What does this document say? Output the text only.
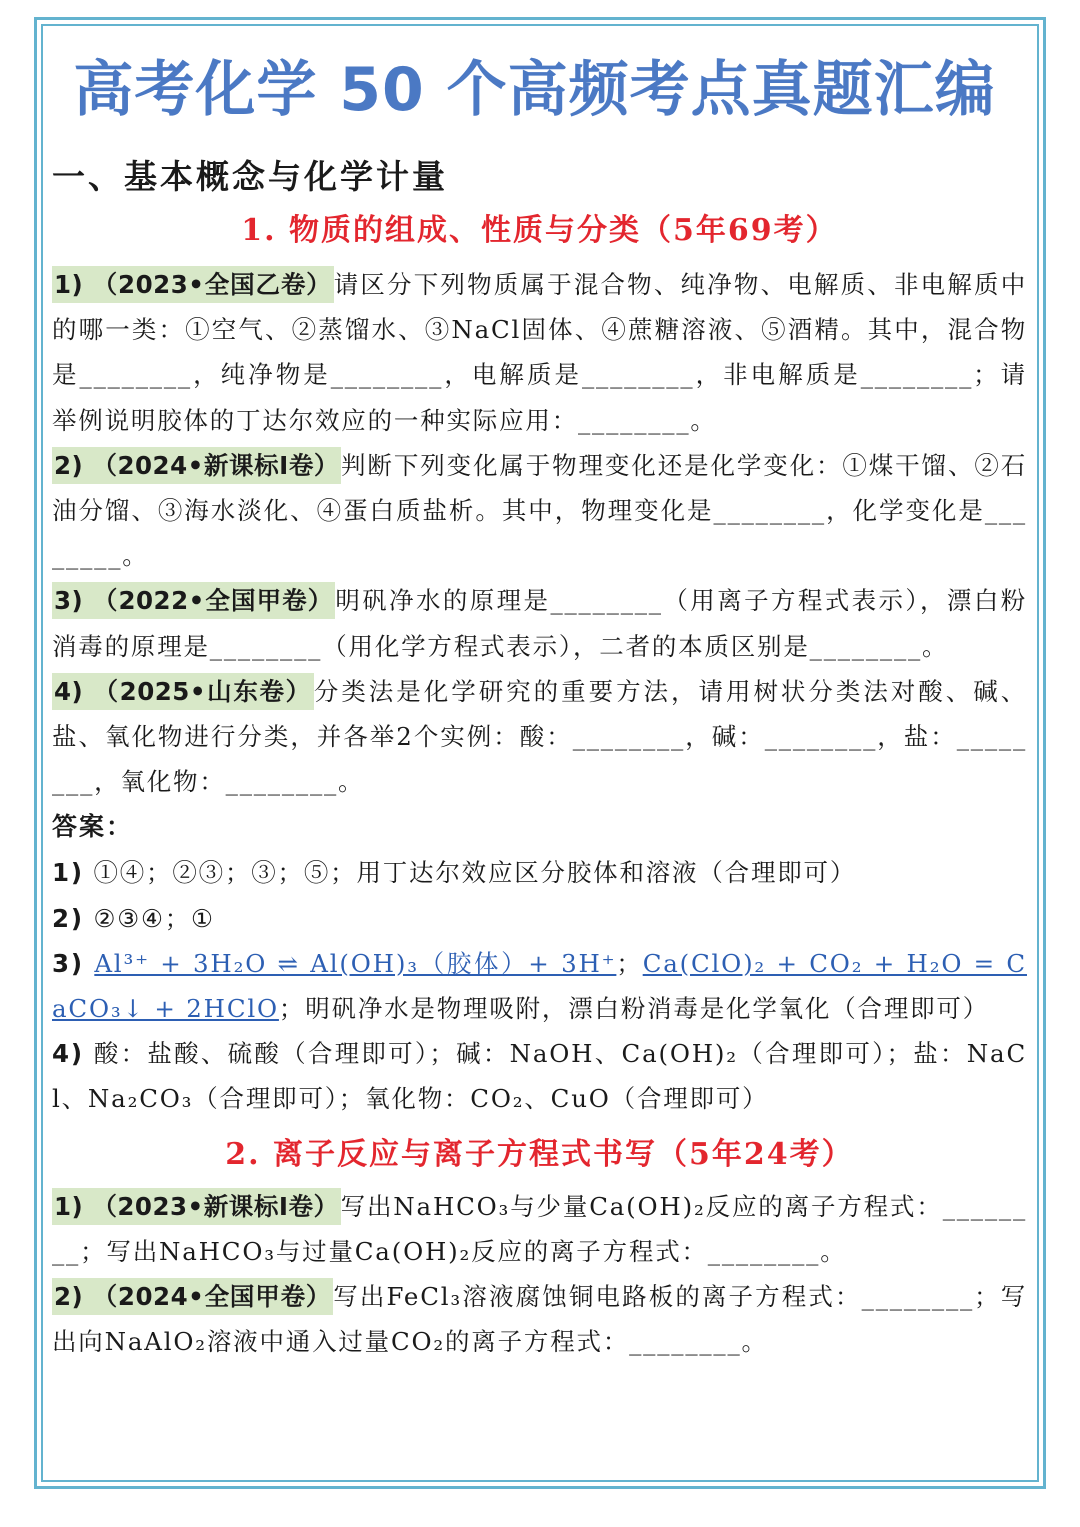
高考化学 50 个高频考点真题汇编
一、基本概念与化学计量
1. 物质的组成、性质与分类（5年69考）
1) （2023•全国乙卷）请区分下列物质属于混合物、纯净物、电解质、非电解质中的哪一类：①空气、②蒸馏水、③NaCl固体、④蔗糖溶液、⑤酒精。其中，混合物是________，纯净物是________，电解质是________，非电解质是________；请举例说明胶体的丁达尔效应的一种实际应用：________。
2) （2024•新课标Ⅰ卷）判断下列变化属于物理变化还是化学变化：①煤干馏、②石油分馏、③海水淡化、④蛋白质盐析。其中，物理变化是________，化学变化是________。
3) （2022•全国甲卷）明矾净水的原理是________（用离子方程式表示），漂白粉消毒的原理是________（用化学方程式表示），二者的本质区别是________。
4) （2025•山东卷）分类法是化学研究的重要方法，请用树状分类法对酸、碱、盐、氧化物进行分类，并各举2个实例：酸：________，碱：________，盐：________，氧化物：________。
答案：
1) ①④；②③；③；⑤；用丁达尔效应区分胶体和溶液（合理即可）
2) ②③④；①
3) Al³⁺ + 3H₂O ⇌ Al(OH)₃（胶体）+ 3H⁺；Ca(ClO)₂ + CO₂ + H₂O = CaCO₃↓ + 2HClO；明矾净水是物理吸附，漂白粉消毒是化学氧化（合理即可）
4) 酸：盐酸、硫酸（合理即可）；碱：NaOH、Ca(OH)₂（合理即可）；盐：NaCl、Na₂CO₃（合理即可）；氧化物：CO₂、CuO（合理即可）
2. 离子反应与离子方程式书写（5年24考）
1) （2023•新课标Ⅰ卷）写出NaHCO₃与少量Ca(OH)₂反应的离子方程式：________；写出NaHCO₃与过量Ca(OH)₂反应的离子方程式：________。
2) （2024•全国甲卷）写出FeCl₃溶液腐蚀铜电路板的离子方程式：________；写出向NaAlO₂溶液中通入过量CO₂的离子方程式：________。
